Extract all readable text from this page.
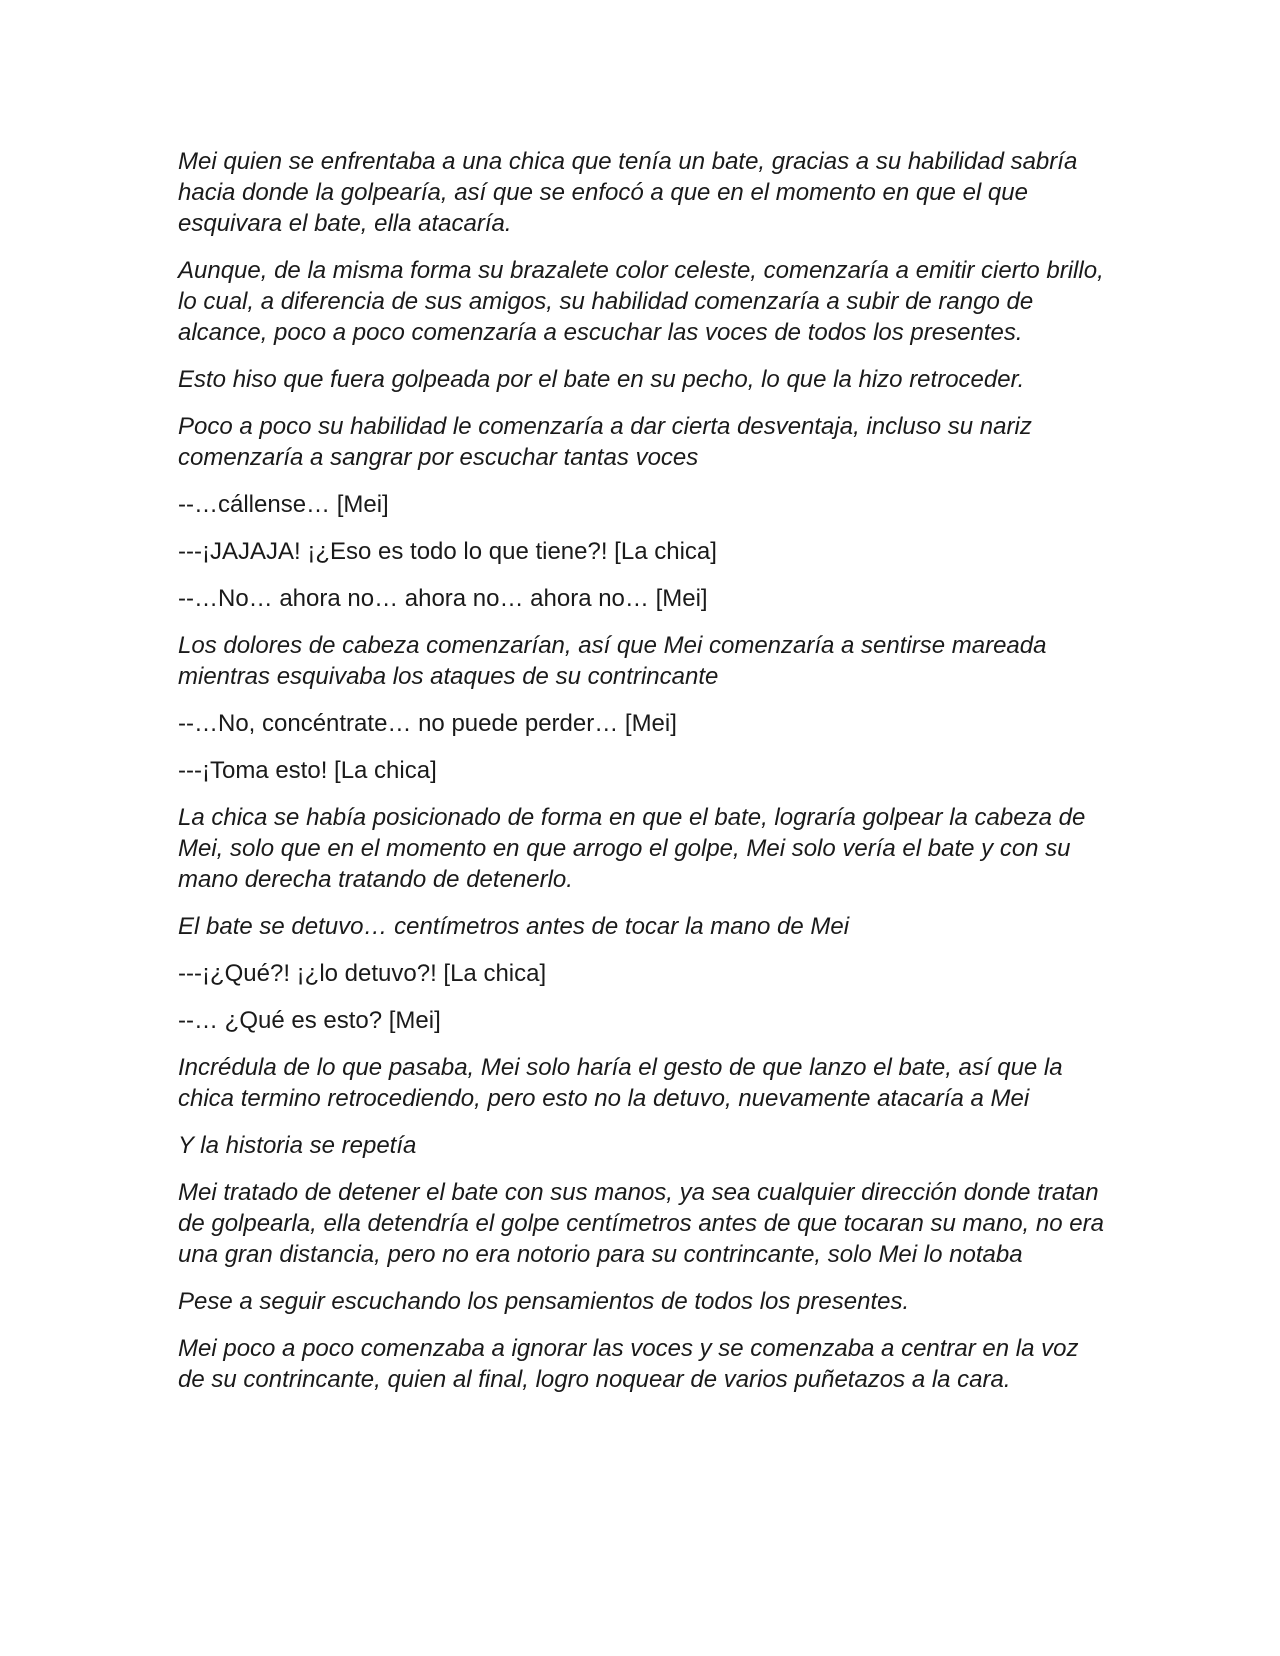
Mei quien se enfrentaba a una chica que tenía un bate, gracias a su habilidad sabría hacia donde la golpearía, así que se enfocó a que en el momento en que el que esquivara el bate, ella atacaría.

Aunque, de la misma forma su brazalete color celeste, comenzaría a emitir cierto brillo, lo cual, a diferencia de sus amigos, su habilidad comenzaría a subir de rango de alcance, poco a poco comenzaría a escuchar las voces de todos los presentes.

Esto hiso que fuera golpeada por el bate en su pecho, lo que la hizo retroceder.

Poco a poco su habilidad le comenzaría a dar cierta desventaja, incluso su nariz comenzaría a sangrar por escuchar tantas voces

--…cállense… [Mei]

---¡JAJAJA! ¡¿Eso es todo lo que tiene?! [La chica]

--…No… ahora no… ahora no… ahora no… [Mei]

Los dolores de cabeza comenzarían, así que Mei comenzaría a sentirse mareada mientras esquivaba los ataques de su contrincante

--…No, concéntrate… no puede perder… [Mei]

---¡Toma esto! [La chica]

La chica se había posicionado de forma en que el bate, lograría golpear la cabeza de Mei, solo que en el momento en que arrogo el golpe, Mei solo vería el bate y con su mano derecha tratando de detenerlo.

El bate se detuvo… centímetros antes de tocar la mano de Mei

---¡¿Qué?! ¡¿lo detuvo?! [La chica]

--… ¿Qué es esto? [Mei]

Incrédula de lo que pasaba, Mei solo haría el gesto de que lanzo el bate, así que la chica termino retrocediendo, pero esto no la detuvo, nuevamente atacaría a Mei

Y la historia se repetía

Mei tratado de detener el bate con sus manos, ya sea cualquier dirección donde tratan de golpearla, ella detendría el golpe centímetros antes de que tocaran su mano, no era una gran distancia, pero no era notorio para su contrincante, solo Mei lo notaba

Pese a seguir escuchando los pensamientos de todos los presentes.

Mei poco a poco comenzaba a ignorar las voces y se comenzaba a centrar en la voz de su contrincante, quien al final, logro noquear de varios puñetazos a la cara.
